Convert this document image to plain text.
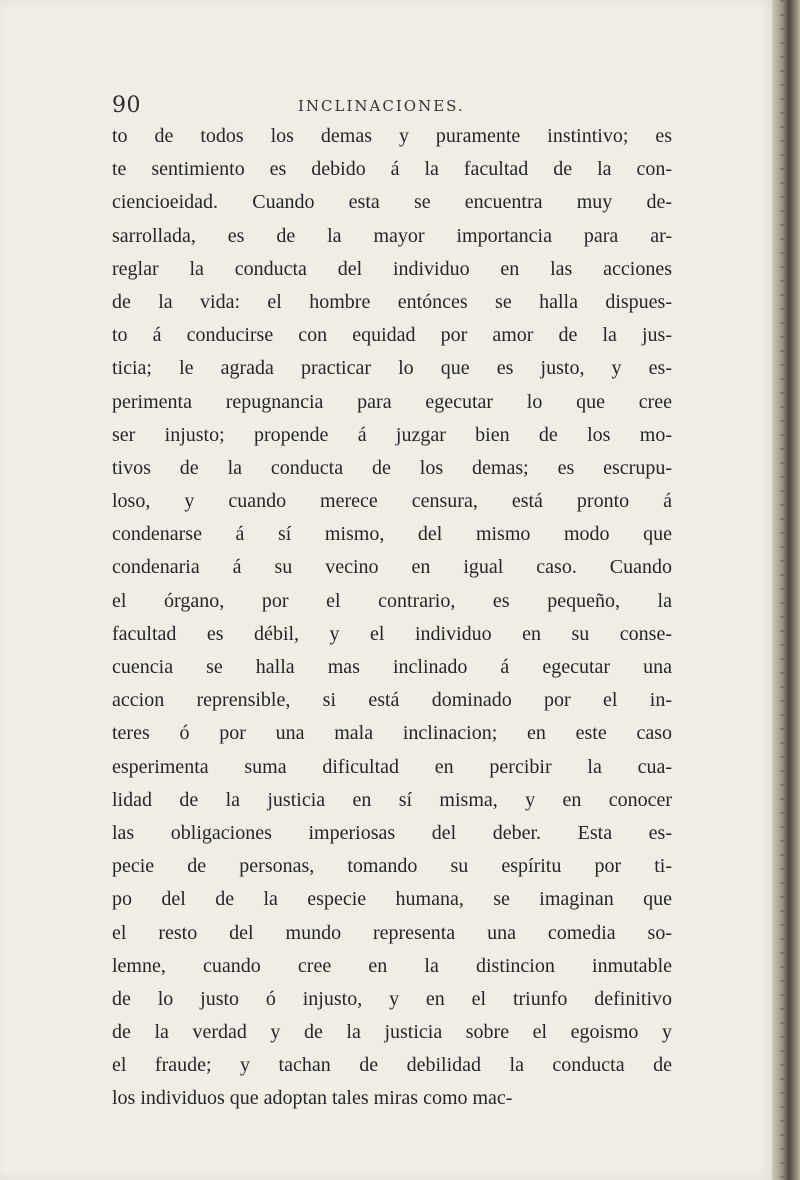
90	INCLINACIONES.
to de todos los demas y puramente instintivo; es
te sentimiento es debido á la facultad de la con-
ciencioeidad. Cuando esta se encuentra muy de-
sarrollada, es de la mayor importancia para ar-
reglar la conducta del individuo en las acciones
de la vida: el hombre entónces se halla dispues-
to á conducirse con equidad por amor de la jus-
ticia; le agrada practicar lo que es justo, y es-
perimenta repugnancia para egecutar lo que cree
ser injusto; propende á juzgar bien de los mo-
tivos de la conducta de los demas; es escrupu-
loso, y cuando merece censura, está pronto á
condenarse á sí mismo, del mismo modo que
condenaria á su vecino en igual caso. Cuando
el órgano, por el contrario, es pequeño, la
facultad es débil, y el individuo en su conse-
cuencia se halla mas inclinado á egecutar una
accion reprensible, si está dominado por el in-
teres ó por una mala inclinacion; en este caso
esperimenta suma dificultad en percibir la cua-
lidad de la justicia en sí misma, y en conocer
las obligaciones imperiosas del deber. Esta es-
pecie de personas, tomando su espíritu por ti-
po del de la especie humana, se imaginan que
el resto del mundo representa una comedia so-
lemne, cuando cree en la distincion inmutable
de lo justo ó injusto, y en el triunfo definitivo
de la verdad y de la justicia sobre el egoismo y
el fraude; y tachan de debilidad la conducta de
los individuos que adoptan tales miras como mac-
